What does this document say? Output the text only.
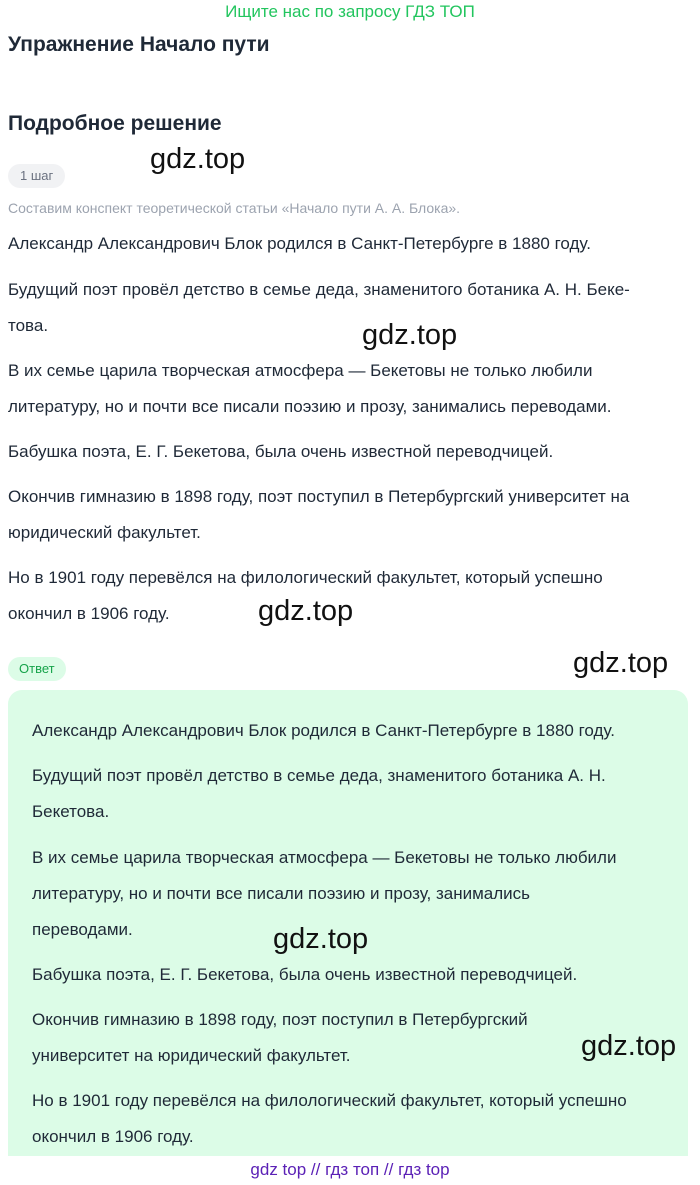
Ищите нас по запросу ГДЗ ТОП
Упражнение Начало пути
Подробное решение
1 шаг
Составим конспект теоретической статьи «Начало пути А. А. Блока».
Александр Александрович Блок родился в Санкт-Петербурге в 1880 году.
Будущий поэт провёл детство в семье деда, знаменитого ботаника А. Н. Беке-
това.
В их семье царила творческая атмосфера — Бекетовы не только любили
литературу, но и почти все писали поэзию и прозу, занимались переводами.
Бабушка поэта, Е. Г. Бекетова, была очень известной переводчицей.
Окончив гимназию в 1898 году, поэт поступил в Петербургский университет на
юридический факультет.
Но в 1901 году перевёлся на филологический факультет, который успешно
окончил в 1906 году.
Ответ
Александр Александрович Блок родился в Санкт-Петербурге в 1880 году.
Будущий поэт провёл детство в семье деда, знаменитого ботаника А. Н.
Бекетова.
В их семье царила творческая атмосфера — Бекетовы не только любили
литературу, но и почти все писали поэзию и прозу, занимались
переводами.
Бабушка поэта, Е. Г. Бекетова, была очень известной переводчицей.
Окончив гимназию в 1898 году, поэт поступил в Петербургский
университет на юридический факультет.
Но в 1901 году перевёлся на филологический факультет, который успешно
окончил в 1906 году.
gdz.top
gdz.top
gdz.top
gdz.top
gdz.top
gdz.top
gdz top // гдз топ // гдз top
